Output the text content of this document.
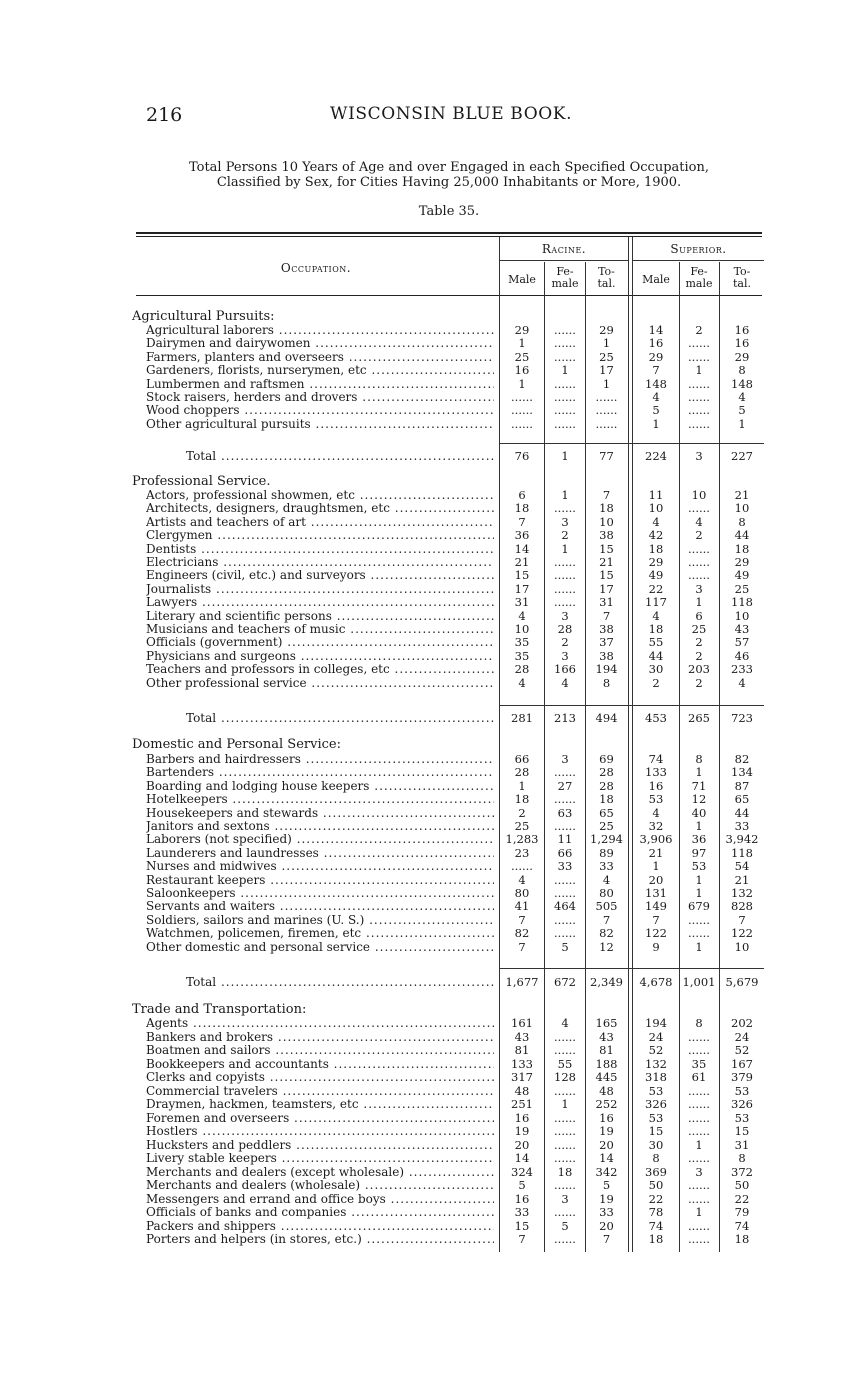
216	WISCONSIN BLUE BOOK.
Total Persons 10 Years of Age and over Engaged in each Specified Occupation,
Classified by Sex, for Cities Having 25,000 Inhabitants or More, 1900.
Table 35.
Occupation.
Racine.	Superior.
Male
Fe-
male
To-
tal.	Male
Fe-
male
To-
tal.
Agricultural Pursuits:
Agricultural laborers .....	29	......	29	14	2	16
Dairymen and dairywomen .....	1	......	1	16	......	16
Farmers, planters and overseers .....	25	......	25	29	......	29
Gardeners, florists, nurserymen, etc .....	16	1	17	7	1	8
Lumbermen and raftsmen .....	1	......	1	148	......	148
Stock raisers, herders and drovers .....	......	......	......	4	......	4
Wood choppers .....	......	......	......	5	......	5
Other agricultural pursuits .....	......	......	......	1	......	1
Total .....	76	1	77	224	3	227
Professional Service.
Actors, professional showmen, etc .....	6	1	7	11	10	21
Architects, designers, draughtsmen, etc .....	18	......	18	10	......	10
Artists and teachers of art .....	7	3	10	4	4	8
Clergymen .....	36	2	38	42	2	44
Dentists .....	14	1	15	18	......	18
Electricians .....	21	......	21	29	......	29
Engineers (civil, etc.) and surveyors .....	15	......	15	49	......	49
Journalists .....	17	......	17	22	3	25
Lawyers .....	31	......	31	117	1	118
Literary and scientific persons .....	4	3	7	4	6	10
Musicians and teachers of music .....	10	28	38	18	25	43
Officials (government) .....	35	2	37	55	2	57
Physicians and surgeons .....	35	3	38	44	2	46
Teachers and professors in colleges, etc .....	28	166	194	30	203	233
Other professional service .....	4	4	8	2	2	4
Total .....	281	213	494	453	265	723
Domestic and Personal Service:
Barbers and hairdressers .....	66	3	69	74	8	82
Bartenders .....	28	......	28	133	1	134
Boarding and lodging house keepers .....	1	27	28	16	71	87
Hotelkeepers .....	18	......	18	53	12	65
Housekeepers and stewards .....	2	63	65	4	40	44
Janitors and sextons .....	25	......	25	32	1	33
Laborers (not specified) .....	1,283	11	1,294	3,906	36	3,942
Launderers and laundresses .....	23	66	89	21	97	118
Nurses and midwives .....	......	33	33	1	53	54
Restaurant keepers .....	4	......	4	20	1	21
Saloonkeepers .....	80	......	80	131	1	132
Servants and waiters .....	41	464	505	149	679	828
Soldiers, sailors and marines (U. S.) .....	7	......	7	7	......	7
Watchmen, policemen, firemen, etc .....	82	......	82	122	......	122
Other domestic and personal service .....	7	5	12	9	1	10
Total .....	1,677	672	2,349	4,678 1,001 5,679
Trade and Transportation:
Agents .....	161	4	165	194	8	202
Bankers and brokers .....	43	......	43	24	......	24
Boatmen and sailors .....	81	......	81	52	......	52
Bookkeepers and accountants .....	133	55	188	132	35	167
Clerks and copyists .....	317	128	445	318	61	379
Commercial travelers .....	48	......	48	53	......	53
Draymen, hackmen, teamsters, etc .....	251	1	252	326	......	326
Foremen and overseers .....	16	......	16	53	......	53
Hostlers .....	19	......	19	15	......	15
Hucksters and peddlers .....	20	......	20	30	1	31
Livery stable keepers .....	14	......	14	8	......	8
Merchants and dealers (except wholesale) .....	324	18	342	369	3	372
Merchants and dealers (wholesale) .....	5	......	5	50	......	50
Messengers and errand and office boys .....	16	3	19	22	......	22
Officials of banks and companies .....	33	......	33	78	1	79
Packers and shippers .....	15	5	20	74	......	74
Porters and helpers (in stores, etc.) .....	7	......	7	18	......	18
